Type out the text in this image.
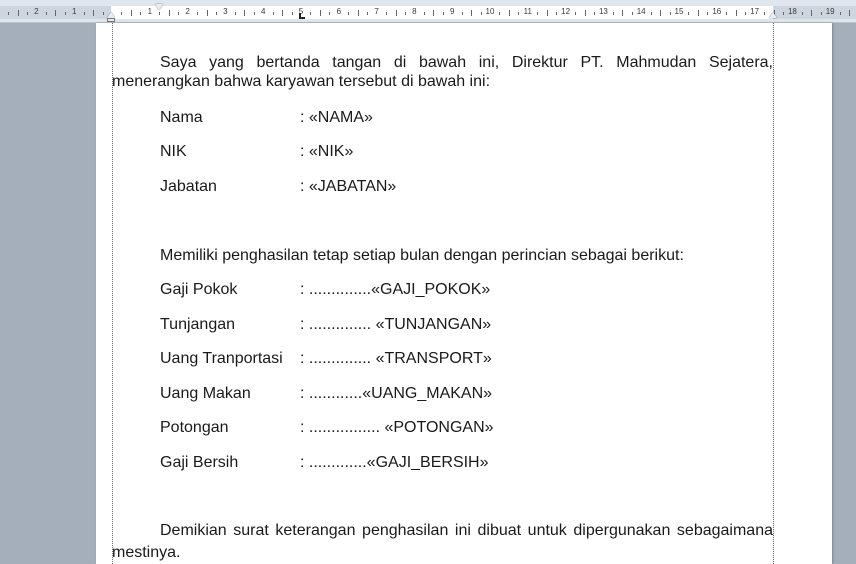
2	1	1	2	3	4	5	6	7	8	9	10	11	12	13	14	15	16	17	18	19
Saya yang bertanda tangan di bawah ini, Direktur PT. Mahmudan Sejatera,
menerangkan bahwa karyawan tersebut di bawah ini:
Nama	: «NAMA»
NIK	: «NIK»
Jabatan	: «JABATAN»
Memiliki penghasilan tetap setiap bulan dengan perincian sebagai berikut:
Gaji Pokok	: ..............«GAJI_POKOK»
Tunjangan	: .............. «TUNJANGAN»
Uang Tranportasi : .............. «TRANSPORT»
Uang Makan	: ............«UANG_MAKAN»
Potongan	: ................ «POTONGAN»
Gaji Bersih	: .............«GAJI_BERSIH»
Demikian surat keterangan penghasilan ini dibuat untuk dipergunakan sebagaimana
mestinya.
